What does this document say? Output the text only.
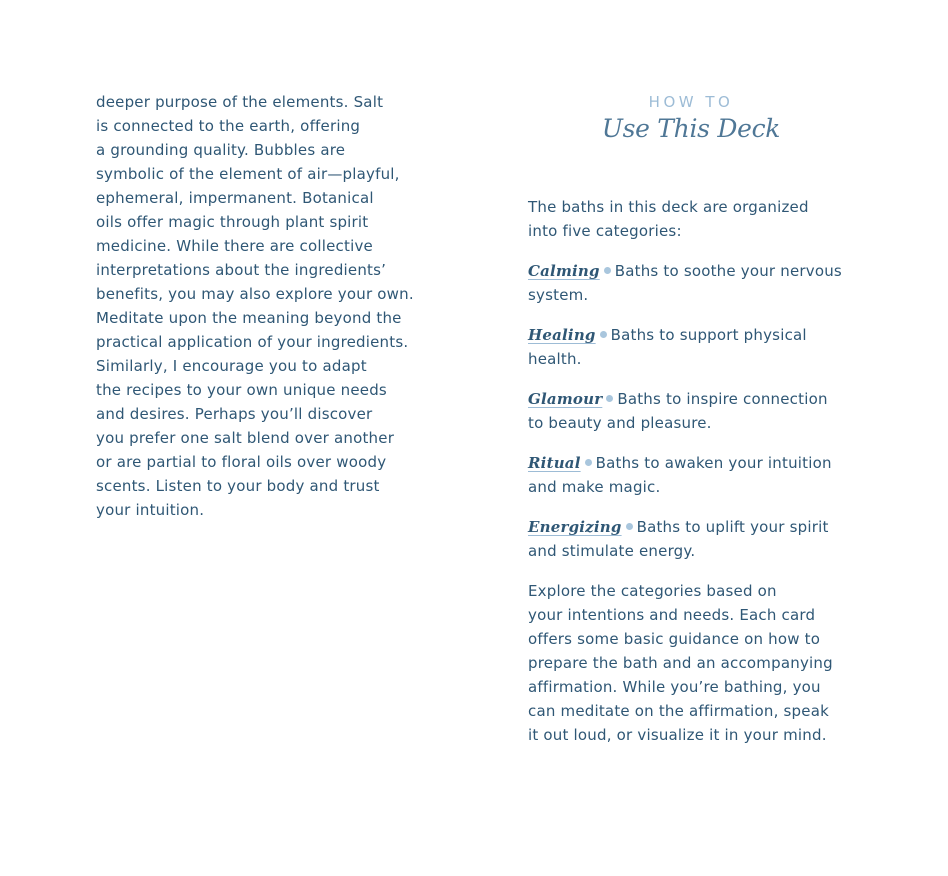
deeper purpose of the elements. Salt
is connected to the earth, offering
a grounding quality. Bubbles are
symbolic of the element of air—playful,
ephemeral, impermanent. Botanical
oils offer magic through plant spirit
medicine. While there are collective
interpretations about the ingredients’
benefits, you may also explore your own.
Meditate upon the meaning beyond the
practical application of your ingredients.
Similarly, I encourage you to adapt
the recipes to your own unique needs
and desires. Perhaps you’ll discover
you prefer one salt blend over another
or are partial to floral oils over woody
scents. Listen to your body and trust
your intuition.
HOW TO
Use This Deck
The baths in this deck are organized
into five categories:
Calming Baths to soothe your nervous
system.
Healing Baths to support physical
health.
Glamour Baths to inspire connection
to beauty and pleasure.
Ritual Baths to awaken your intuition
and make magic.
Energizing Baths to uplift your spirit
and stimulate energy.
Explore the categories based on
your intentions and needs. Each card
offers some basic guidance on how to
prepare the bath and an accompanying
affirmation. While you’re bathing, you
can meditate on the affirmation, speak
it out loud, or visualize it in your mind.
